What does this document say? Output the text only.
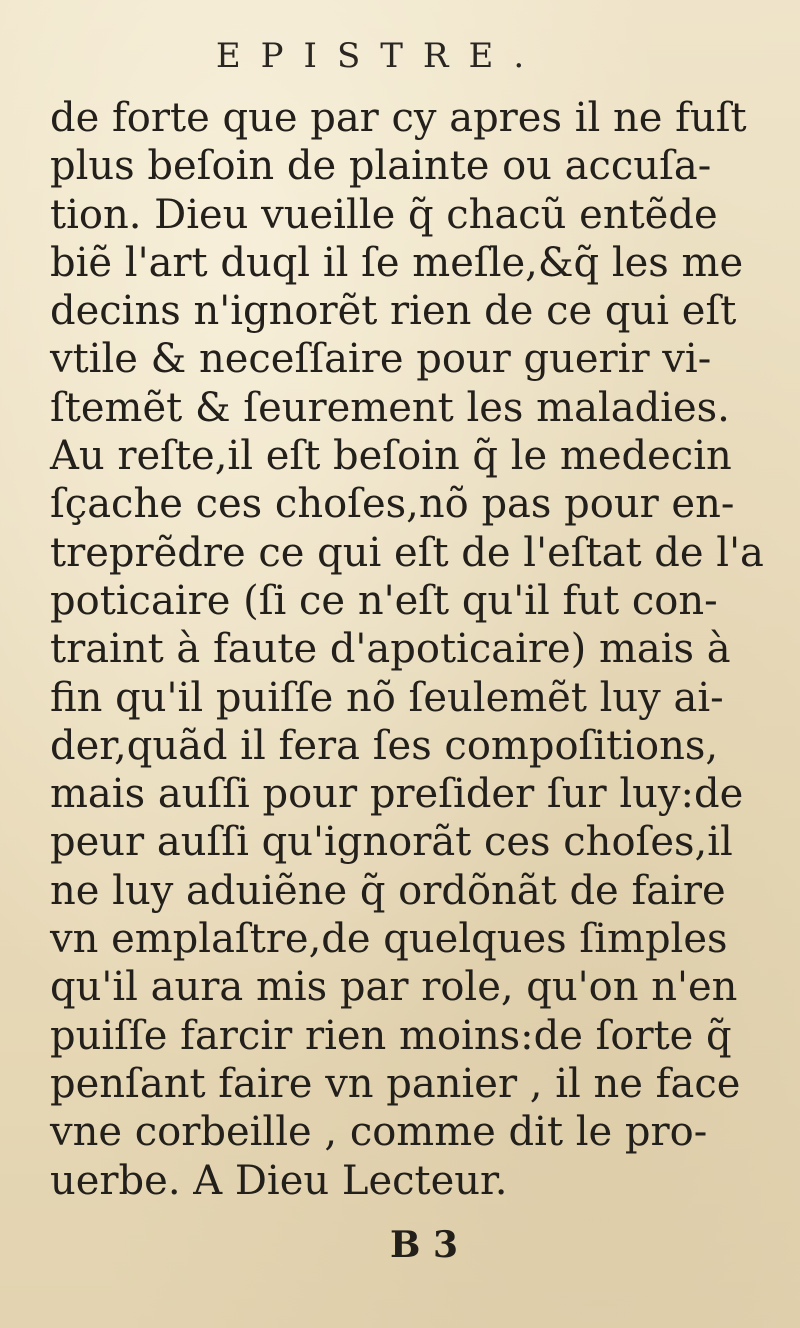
EPISTRE.
de forte que par cy apres il ne fuſt
plus beſoin de plainte ou accuſa-
tion. Dieu vueille q̃ chacũ entẽde
biẽ l'art duql il ſe meſle,&q̃ les me
decins n'ignorẽt rien de ce qui eſt
vtile & neceſſaire pour guerir vi-
ſtemẽt & ſeurement les maladies.
Au reſte,il eſt beſoin q̃ le medecin
ſçache ces choſes,nõ pas pour en-
treprẽdre ce qui eſt de l'eſtat de l'a
poticaire (ſi ce n'eſt qu'il fut con-
traint à faute d'apoticaire) mais à
fin qu'il puiſſe nõ ſeulemẽt luy ai-
der,quãd il fera ſes compoſitions,
mais auſſi pour preſider ſur luy:de
peur auſſi qu'ignorãt ces choſes,il
ne luy aduiẽne q̃ ordõnãt de faire
vn emplaſtre,de quelques ſimples
qu'il aura mis par role, qu'on n'en
puiſſe farcir rien moins:de ſorte q̃
penſant faire vn panier , il ne face
vne corbeille , comme dit le pro-
uerbe. A Dieu Lecteur.
B 3
